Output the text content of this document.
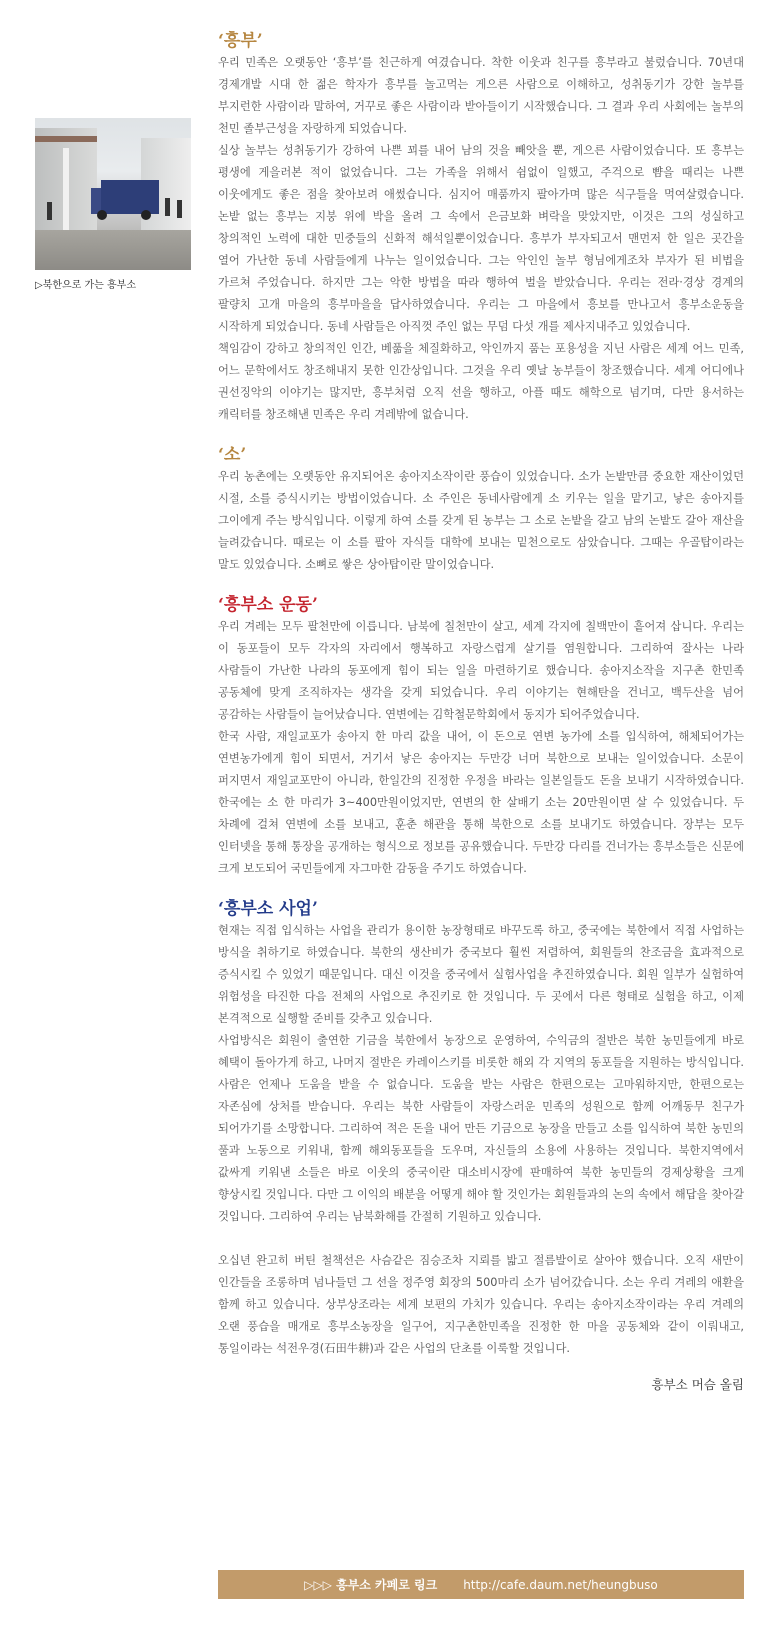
▷북한으로 가는 흥부소
‘흥부’
우리 민족은 오랫동안 ‘흥부’를 친근하게 여겼습니다. 착한 이웃과 친구를 흥부라고 불렀습니다. 70년대 경제개발 시대 한 젊은 학자가 흥부를 놀고먹는 게으른 사람으로 이해하고, 성취동기가 강한 놀부를 부지런한 사람이라 말하여, 거꾸로 좋은 사람이라 받아들이기 시작했습니다. 그 결과 우리 사회에는 놀부의 천민 졸부근성을 자랑하게 되었습니다.
실상 놀부는 성취동기가 강하여 나쁜 꾀를 내어 남의 것을 빼앗을 뿐, 게으른 사람이었습니다. 또 흥부는 평생에 게을러본 적이 없었습니다. 그는 가족을 위해서 쉼없이 일했고, 주걱으로 뺨을 때리는 나쁜 이웃에게도 좋은 점을 찾아보려 애썼습니다. 심지어 매품까지 팔아가며 많은 식구들을 먹여살렸습니다. 논밭 없는 흥부는 지붕 위에 박을 올려 그 속에서 은금보화 벼락을 맞았지만, 이것은 그의 성실하고 창의적인 노력에 대한 민중들의 신화적 해석일뿐이었습니다. 흥부가 부자되고서 맨먼저 한 일은 곳간을 열어 가난한 동네 사람들에게 나누는 일이었습니다. 그는 악인인 놀부 형님에게조차 부자가 된 비법을 가르쳐 주었습니다. 하지만 그는 악한 방법을 따라 행하여 벌을 받았습니다. 우리는 전라·경상 경계의 팔량치 고개 마을의 흥부마을을 답사하였습니다. 우리는 그 마을에서 흥보를 만나고서 흥부소운동을 시작하게 되었습니다. 동네 사람들은 아직껏 주인 없는 무덤 다섯 개를 제사지내주고 있었습니다.
책임감이 강하고 창의적인 인간, 베풂을 체질화하고, 악인까지 품는 포용성을 지닌 사람은 세계 어느 민족, 어느 문학에서도 창조해내지 못한 인간상입니다. 그것을 우리 옛날 농부들이 창조했습니다. 세계 어디에나 권선징악의 이야기는 많지만, 흥부처럼 오직 선을 행하고, 아플 때도 해학으로 넘기며, 다만 용서하는 캐릭터를 창조해낸 민족은 우리 겨레밖에 없습니다.
‘소’
우리 농촌에는 오랫동안 유지되어온 송아지소작이란 풍습이 있었습니다. 소가 논밭만큼 중요한 재산이었던 시절, 소를 증식시키는 방법이었습니다. 소 주인은 동네사람에게 소 키우는 일을 맡기고, 낳은 송아지를 그이에게 주는 방식입니다. 이렇게 하여 소를 갖게 된 농부는 그 소로 논밭을 갈고 남의 논밭도 갈아 재산을 늘려갔습니다. 때로는 이 소를 팔아 자식들 대학에 보내는 밑천으로도 삼았습니다. 그때는 우골탑이라는 말도 있었습니다. 소뼈로 쌓은 상아탑이란 말이었습니다.
‘흥부소 운동’
우리 겨레는 모두 팔천만에 이릅니다. 남북에 칠천만이 살고, 세계 각지에 칠백만이 흩어져 삽니다. 우리는 이 동포들이 모두 각자의 자리에서 행복하고 자랑스럽게 살기를 염원합니다. 그리하여 잘사는 나라 사람들이 가난한 나라의 동포에게 힘이 되는 일을 마련하기로 했습니다. 송아지소작을 지구촌 한민족 공동체에 맞게 조직하자는 생각을 갖게 되었습니다. 우리 이야기는 현해탄을 건너고, 백두산을 넘어 공감하는 사람들이 늘어났습니다. 연변에는 김학철문학회에서 동지가 되어주었습니다.
한국 사람, 재일교포가 송아지 한 마리 값을 내어, 이 돈으로 연변 농가에 소를 입식하여, 해체되어가는 연변농가에게 힘이 되면서, 거기서 낳은 송아지는 두만강 너머 북한으로 보내는 일이었습니다. 소문이 퍼지면서 재일교포만이 아니라, 한일간의 진정한 우정을 바라는 일본일들도 돈을 보내기 시작하였습니다. 한국에는 소 한 마리가 3~400만원이었지만, 연변의 한 살배기 소는 20만원이면 살 수 있었습니다. 두 차례에 걸쳐 연변에 소를 보내고, 훈춘 해관을 통해 북한으로 소를 보내기도 하였습니다. 장부는 모두 인터넷을 통해 통장을 공개하는 형식으로 정보를 공유했습니다. 두만강 다리를 건너가는 흥부소들은 신문에 크게 보도되어 국민들에게 자그마한 감동을 주기도 하였습니다.
‘흥부소 사업’
현재는 직접 입식하는 사업을 관리가 용이한 농장형태로 바꾸도록 하고, 중국에는 북한에서 직접 사업하는 방식을 취하기로 하였습니다. 북한의 생산비가 중국보다 훨씬 저렴하여, 회원들의 찬조금을 효과적으로 증식시킬 수 있었기 때문입니다. 대신 이것을 중국에서 실험사업을 추진하였습니다. 회원 일부가 실험하여 위험성을 타진한 다음 전체의 사업으로 추진키로 한 것입니다. 두 곳에서 다른 형태로 실험을 하고, 이제 본격적으로 실행할 준비를 갖추고 있습니다.
사업방식은 회원이 출연한 기금을 북한에서 농장으로 운영하여, 수익금의 절반은 북한 농민들에게 바로 혜택이 돌아가게 하고, 나머지 절반은 카레이스키를 비롯한 해외 각 지역의 동포들을 지원하는 방식입니다. 사람은 언제나 도움을 받을 수 없습니다. 도움을 받는 사람은 한편으로는 고마워하지만, 한편으로는 자존심에 상처를 받습니다. 우리는 북한 사람들이 자랑스러운 민족의 성원으로 함께 어깨동무 친구가 되어가기를 소망합니다. 그리하여 적은 돈을 내어 만든 기금으로 농장을 만들고 소를 입식하여 북한 농민의 풀과 노동으로 키워내, 함께 해외동포들을 도우며, 자신들의 소용에 사용하는 것입니다. 북한지역에서 값싸게 키워낸 소들은 바로 이웃의 중국이란 대소비시장에 판매하여 북한 농민들의 경제상황을 크게 향상시킬 것입니다. 다만 그 이익의 배분을 어떻게 해야 할 것인가는 회원들과의 논의 속에서 해답을 찾아갈 것입니다. 그리하여 우리는 남북화해를 간절히 기원하고 있습니다.
오십년 완고히 버틴 철책선은 사슴같은 짐승조차 지뢰를 밟고 절름발이로 살아야 했습니다. 오직 새만이 인간들을 조롱하며 넘나들던 그 선을 정주영 회장의 500마리 소가 넘어갔습니다. 소는 우리 겨레의 애환을 함께 하고 있습니다. 상부상조라는 세계 보편의 가치가 있습니다. 우리는 송아지소작이라는 우리 겨레의 오랜 풍습을 매개로 흥부소농장을 일구어, 지구촌한민족을 진정한 한 마을 공동체와 같이 이뤄내고, 통일이라는 석전우경(石田牛耕)과 같은 사업의 단초를 이룩할 것입니다.
흥부소 머슴 올림
▷▷▷ 흥부소 카페로 링크 http://cafe.daum.net/heungbuso
